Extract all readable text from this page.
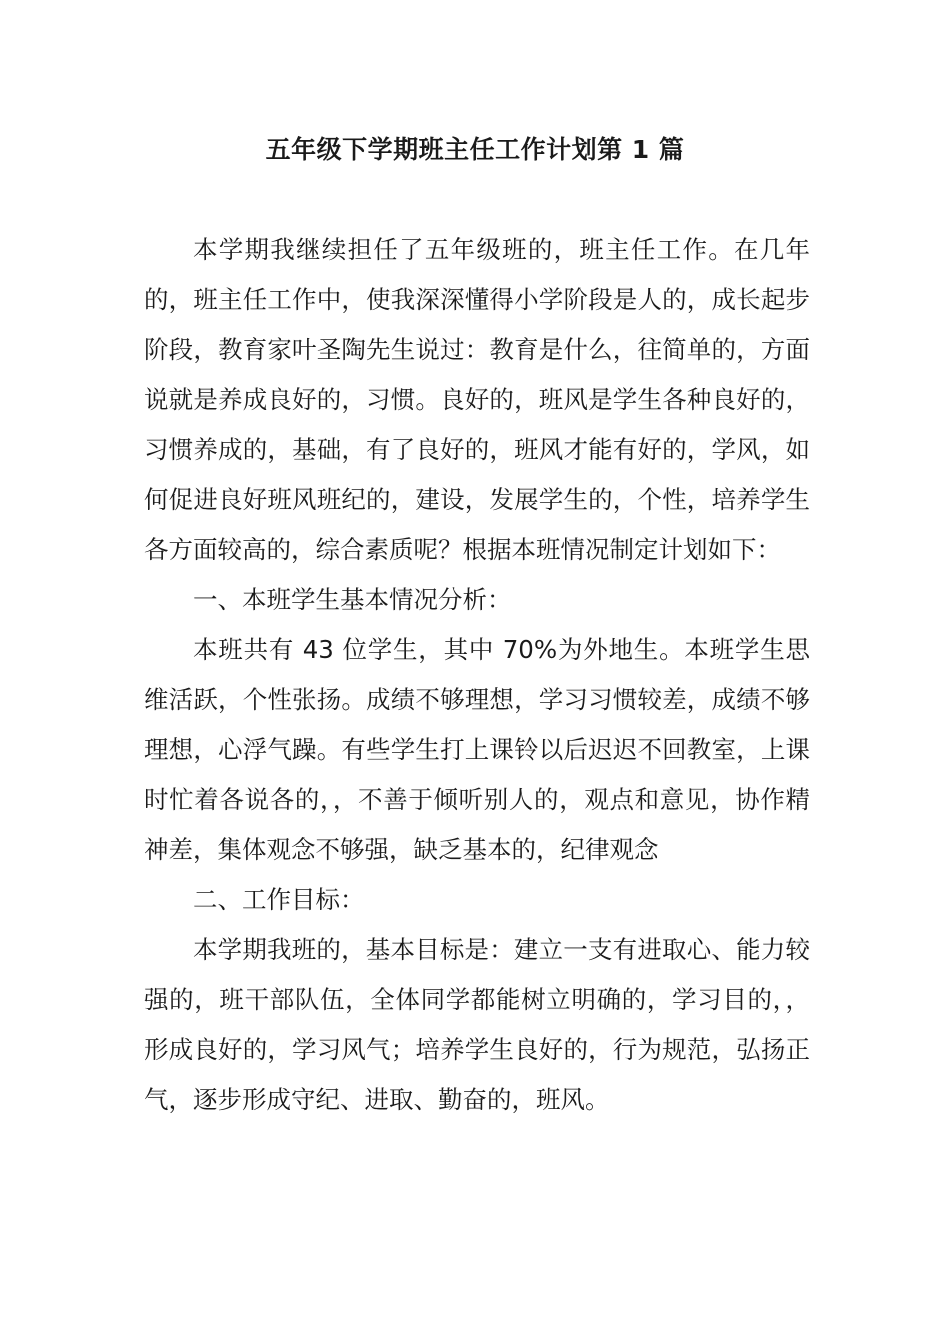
五年级下学期班主任工作计划第 1 篇

本学期我继续担任了五年级班的，班主任工作。在几年的，班主任工作中，使我深深懂得小学阶段是人的，成长起步阶段，教育家叶圣陶先生说过：教育是什么，往简单的，方面说就是养成良好的，习惯。良好的，班风是学生各种良好的，习惯养成的，基础，有了良好的，班风才能有好的，学风，如何促进良好班风班纪的，建设，发展学生的，个性，培养学生各方面较高的，综合素质呢？根据本班情况制定计划如下：

一、本班学生基本情况分析：

本班共有 43 位学生，其中 70%为外地生。本班学生思维活跃，个性张扬。成绩不够理想，学习习惯较差，成绩不够理想，心浮气躁。有些学生打上课铃以后迟迟不回教室，上课时忙着各说各的，，不善于倾听别人的，观点和意见，协作精神差，集体观念不够强，缺乏基本的，纪律观念

二、工作目标：

本学期我班的，基本目标是：建立一支有进取心、能力较强的，班干部队伍，全体同学都能树立明确的，学习目的，，形成良好的，学习风气；培养学生良好的，行为规范，弘扬正气，逐步形成守纪、进取、勤奋的，班风。
